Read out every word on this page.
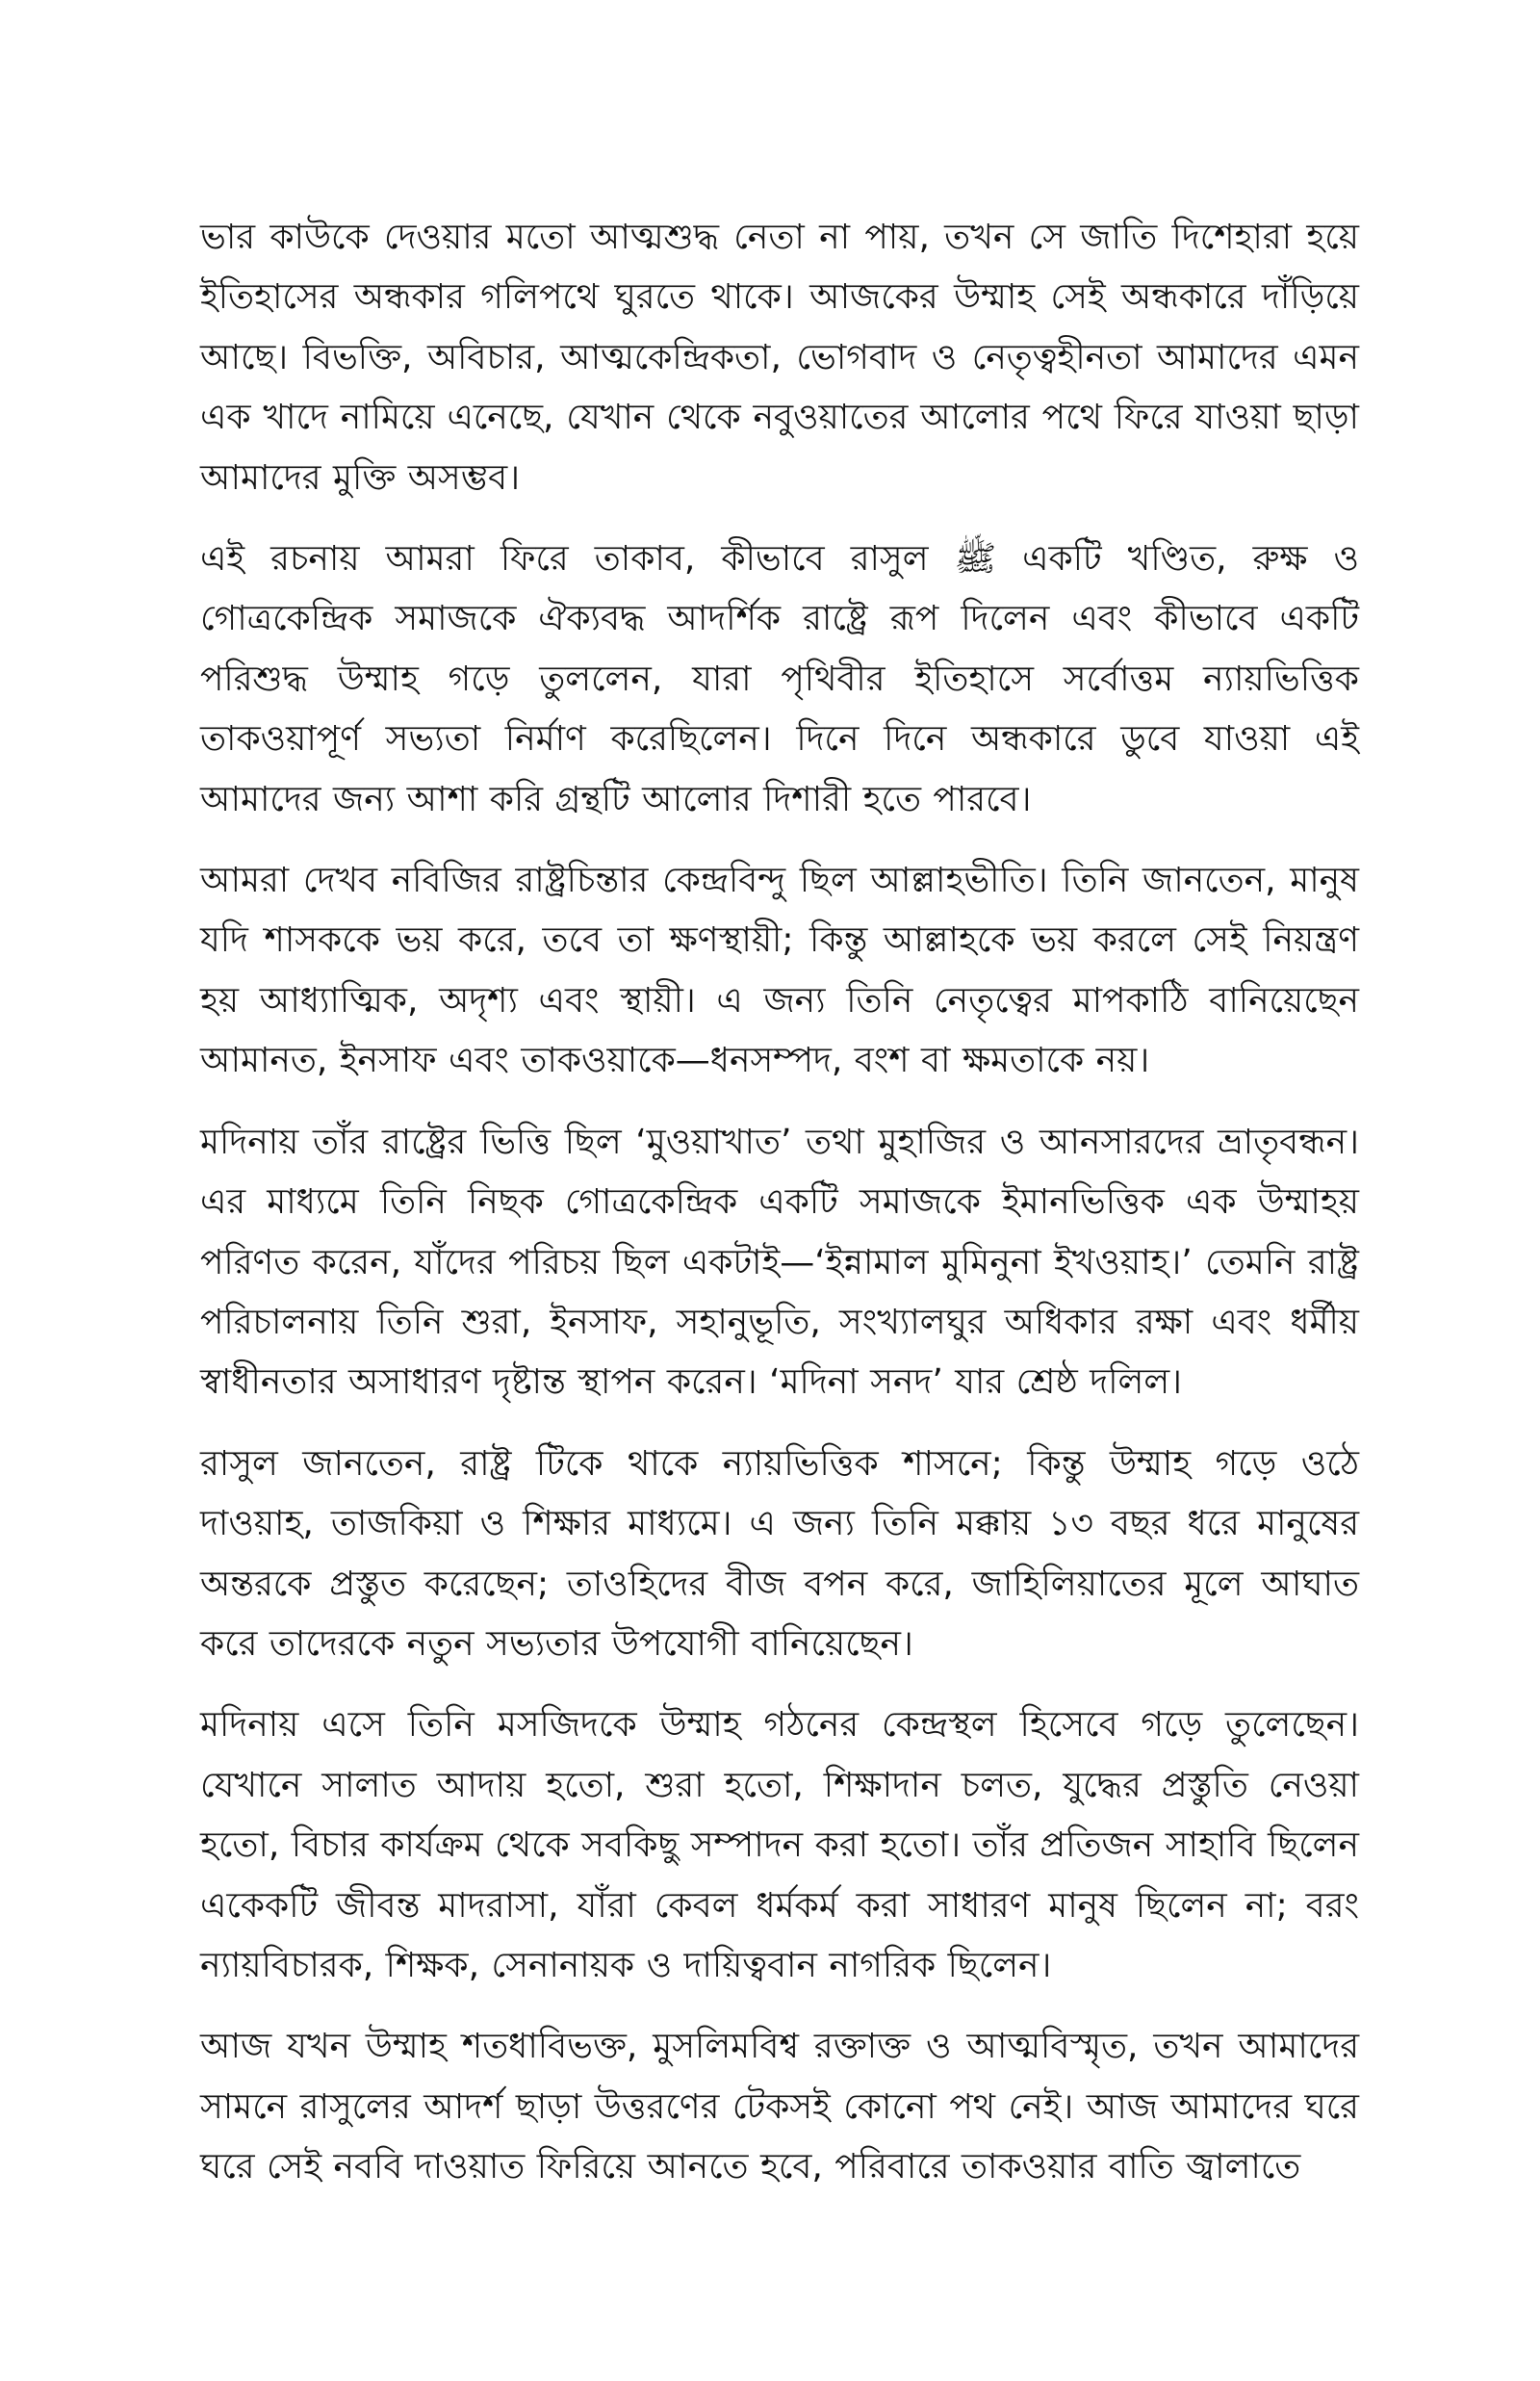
ভার কাউকে দেওয়ার মতো আত্মশুদ্ধ নেতা না পায়, তখন সে জাতি দিশেহারা হয়ে ইতিহাসের অন্ধকার গলিপথে ঘুরতে থাকে। আজকের উম্মাহ সেই অন্ধকারে দাঁড়িয়ে আছে। বিভক্তি, অবিচার, আত্মকেন্দ্রিকতা, ভোগবাদ ও নেতৃত্বহীনতা আমাদের এমন এক খাদে নামিয়ে এনেছে, যেখান থেকে নবুওয়াতের আলোর পথে ফিরে যাওয়া ছাড়া আমাদের মুক্তি অসম্ভব।

এই রচনায় আমরা ফিরে তাকাব, কীভাবে রাসুল ﷺ একটি খণ্ডিত, রুক্ষ ও গোত্রকেন্দ্রিক সমাজকে ঐক্যবদ্ধ আদর্শিক রাষ্ট্রে রূপ দিলেন এবং কীভাবে একটি পরিশুদ্ধ উম্মাহ গড়ে তুললেন, যারা পৃথিবীর ইতিহাসে সর্বোত্তম ন্যায়ভিত্তিক তাকওয়াপূর্ণ সভ্যতা নির্মাণ করেছিলেন। দিনে দিনে অন্ধকারে ডুবে যাওয়া এই আমাদের জন্য আশা করি গ্রন্থটি আলোর দিশারী হতে পারবে।

আমরা দেখব নবিজির রাষ্ট্রচিন্তার কেন্দ্রবিন্দু ছিল আল্লাহভীতি। তিনি জানতেন, মানুষ যদি শাসককে ভয় করে, তবে তা ক্ষণস্থায়ী; কিন্তু আল্লাহকে ভয় করলে সেই নিয়ন্ত্রণ হয় আধ্যাত্মিক, অদৃশ্য এবং স্থায়ী। এ জন্য তিনি নেতৃত্বের মাপকাঠি বানিয়েছেন আমানত, ইনসাফ এবং তাকওয়াকে—ধনসম্পদ, বংশ বা ক্ষমতাকে নয়।

মদিনায় তাঁর রাষ্ট্রের ভিত্তি ছিল ‘মুওয়াখাত’ তথা মুহাজির ও আনসারদের ভ্রাতৃবন্ধন। এর মাধ্যমে তিনি নিছক গোত্রকেন্দ্রিক একটি সমাজকে ইমানভিত্তিক এক উম্মাহয় পরিণত করেন, যাঁদের পরিচয় ছিল একটাই—‘ইন্নামাল মুমিনুনা ইখওয়াহ।’ তেমনি রাষ্ট্র পরিচালনায় তিনি শুরা, ইনসাফ, সহানুভূতি, সংখ্যালঘুর অধিকার রক্ষা এবং ধর্মীয় স্বাধীনতার অসাধারণ দৃষ্টান্ত স্থাপন করেন। ‘মদিনা সনদ’ যার শ্রেষ্ঠ দলিল।

রাসুল জানতেন, রাষ্ট্র টিকে থাকে ন্যায়ভিত্তিক শাসনে; কিন্তু উম্মাহ গড়ে ওঠে দাওয়াহ, তাজকিয়া ও শিক্ষার মাধ্যমে। এ জন্য তিনি মক্কায় ১৩ বছর ধরে মানুষের অন্তরকে প্রস্তুত করেছেন; তাওহিদের বীজ বপন করে, জাহিলিয়াতের মূলে আঘাত করে তাদেরকে নতুন সভ্যতার উপযোগী বানিয়েছেন।

মদিনায় এসে তিনি মসজিদকে উম্মাহ গঠনের কেন্দ্রস্থল হিসেবে গড়ে তুলেছেন। যেখানে সালাত আদায় হতো, শুরা হতো, শিক্ষাদান চলত, যুদ্ধের প্রস্তুতি নেওয়া হতো, বিচার কার্যক্রম থেকে সবকিছু সম্পাদন করা হতো। তাঁর প্রতিজন সাহাবি ছিলেন একেকটি জীবন্ত মাদরাসা, যাঁরা কেবল ধর্মকর্ম করা সাধারণ মানুষ ছিলেন না; বরং ন্যায়বিচারক, শিক্ষক, সেনানায়ক ও দায়িত্ববান নাগরিক ছিলেন।

আজ যখন উম্মাহ শতধাবিভক্ত, মুসলিমবিশ্ব রক্তাক্ত ও আত্মবিস্মৃত, তখন আমাদের সামনে রাসুলের আদর্শ ছাড়া উত্তরণের টেকসই কোনো পথ নেই। আজ আমাদের ঘরে ঘরে সেই নববি দাওয়াত ফিরিয়ে আনতে হবে, পরিবারে তাকওয়ার বাতি জ্বালাতে
